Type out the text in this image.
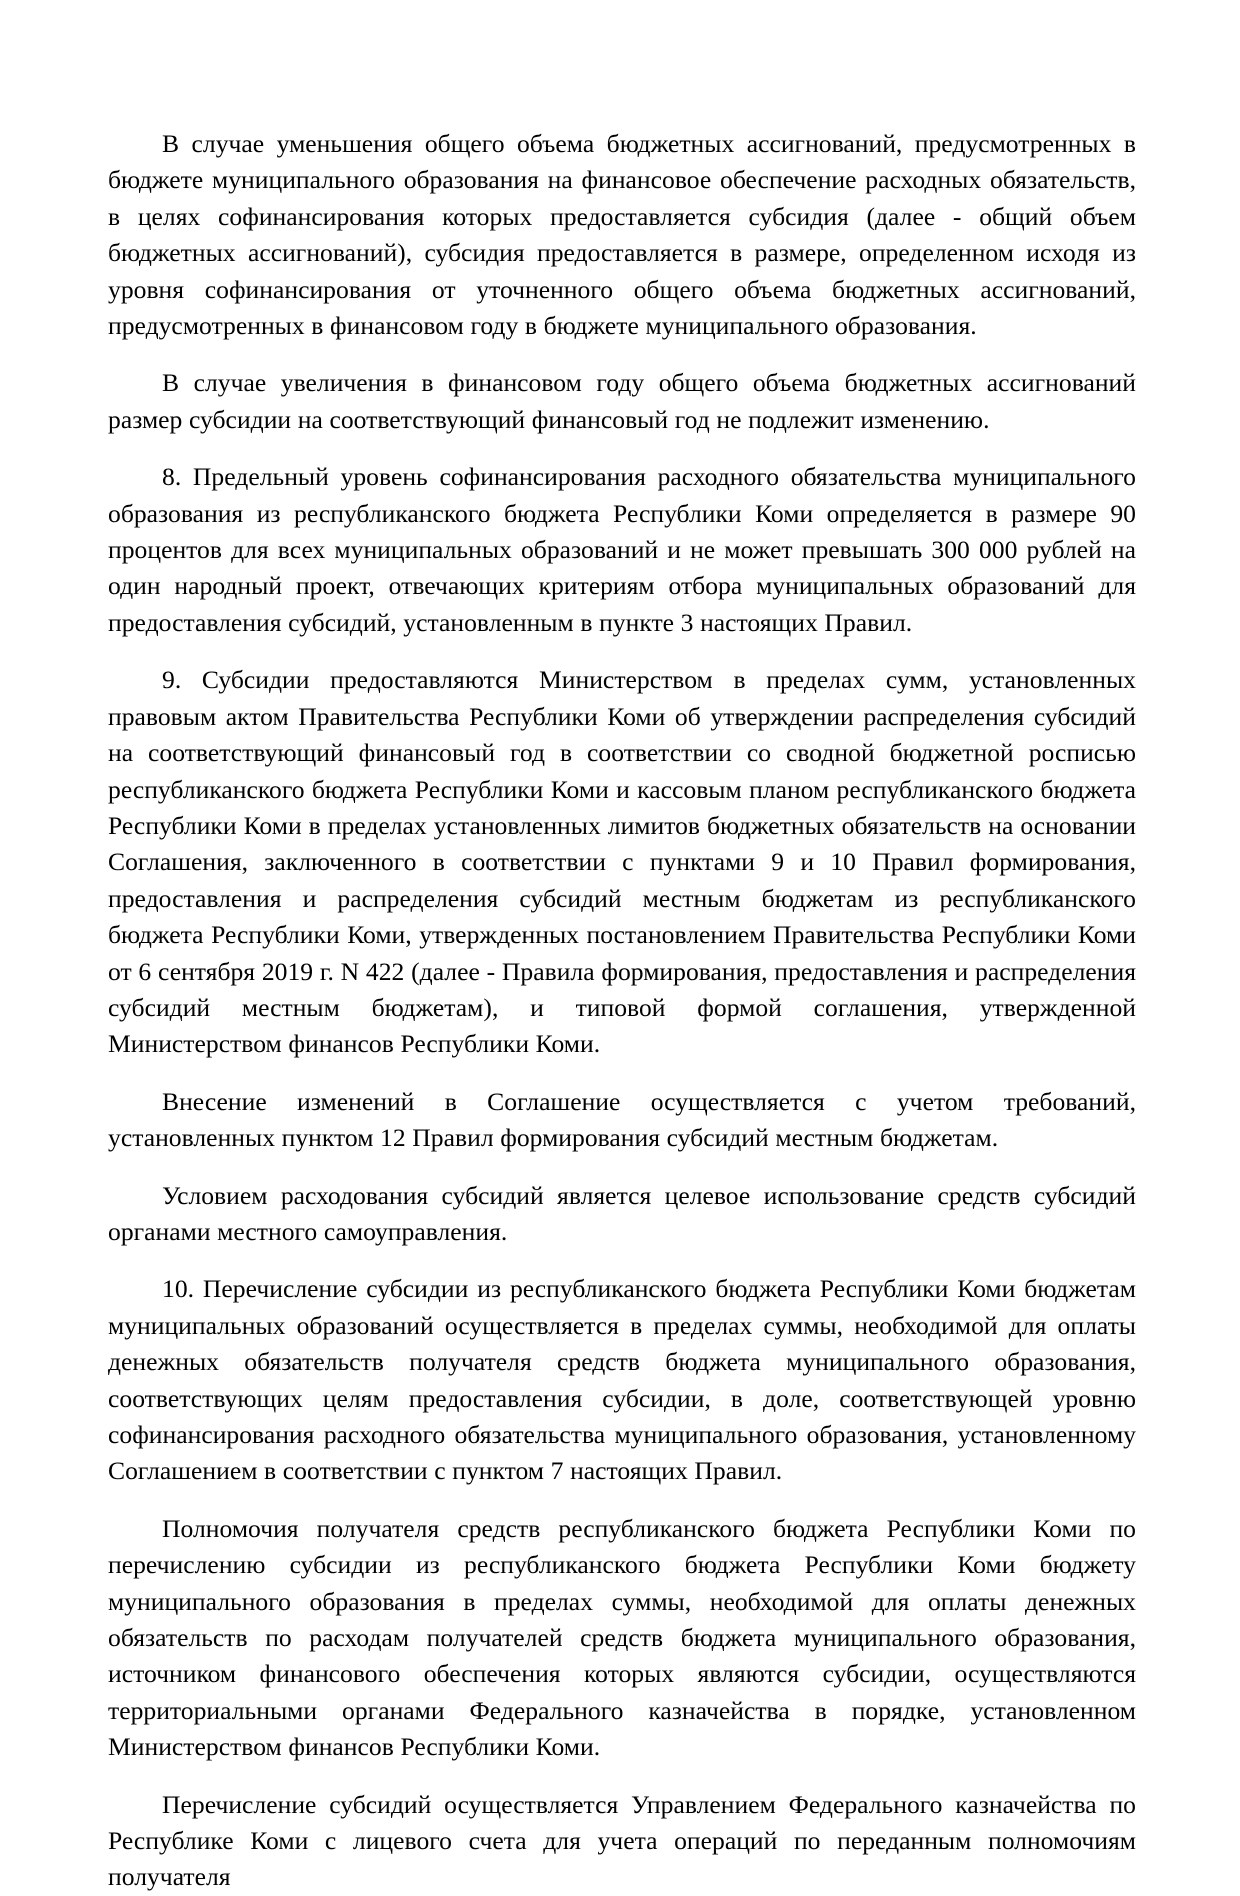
В случае уменьшения общего объема бюджетных ассигнований, предусмотренных в бюджете муниципального образования на финансовое обеспечение расходных обязательств, в целях софинансирования которых предоставляется субсидия (далее - общий объем бюджетных ассигнований), субсидия предоставляется в размере, определенном исходя из уровня софинансирования от уточненного общего объема бюджетных ассигнований, предусмотренных в финансовом году в бюджете муниципального образования.

В случае увеличения в финансовом году общего объема бюджетных ассигнований размер субсидии на соответствующий финансовый год не подлежит изменению.

8. Предельный уровень софинансирования расходного обязательства муниципального образования из республиканского бюджета Республики Коми определяется в размере 90 процентов для всех муниципальных образований и не может превышать 300 000 рублей на один народный проект, отвечающих критериям отбора муниципальных образований для предоставления субсидий, установленным в пункте 3 настоящих Правил.

9. Субсидии предоставляются Министерством в пределах сумм, установленных правовым актом Правительства Республики Коми об утверждении распределения субсидий на соответствующий финансовый год в соответствии со сводной бюджетной росписью республиканского бюджета Республики Коми и кассовым планом республиканского бюджета Республики Коми в пределах установленных лимитов бюджетных обязательств на основании Соглашения, заключенного в соответствии с пунктами 9 и 10 Правил формирования, предоставления и распределения субсидий местным бюджетам из республиканского бюджета Республики Коми, утвержденных постановлением Правительства Республики Коми от 6 сентября 2019 г. N 422 (далее - Правила формирования, предоставления и распределения субсидий местным бюджетам), и типовой формой соглашения, утвержденной Министерством финансов Республики Коми.

Внесение изменений в Соглашение осуществляется с учетом требований, установленных пунктом 12 Правил формирования субсидий местным бюджетам.

Условием расходования субсидий является целевое использование средств субсидий органами местного самоуправления.

10. Перечисление субсидии из республиканского бюджета Республики Коми бюджетам муниципальных образований осуществляется в пределах суммы, необходимой для оплаты денежных обязательств получателя средств бюджета муниципального образования, соответствующих целям предоставления субсидии, в доле, соответствующей уровню софинансирования расходного обязательства муниципального образования, установленному Соглашением в соответствии с пунктом 7 настоящих Правил.

Полномочия получателя средств республиканского бюджета Республики Коми по перечислению субсидии из республиканского бюджета Республики Коми бюджету муниципального образования в пределах суммы, необходимой для оплаты денежных обязательств по расходам получателей средств бюджета муниципального образования, источником финансового обеспечения которых являются субсидии, осуществляются территориальными органами Федерального казначейства в порядке, установленном Министерством финансов Республики Коми.

Перечисление субсидий осуществляется Управлением Федерального казначейства по Республике Коми с лицевого счета для учета операций по переданным полномочиям получателя
